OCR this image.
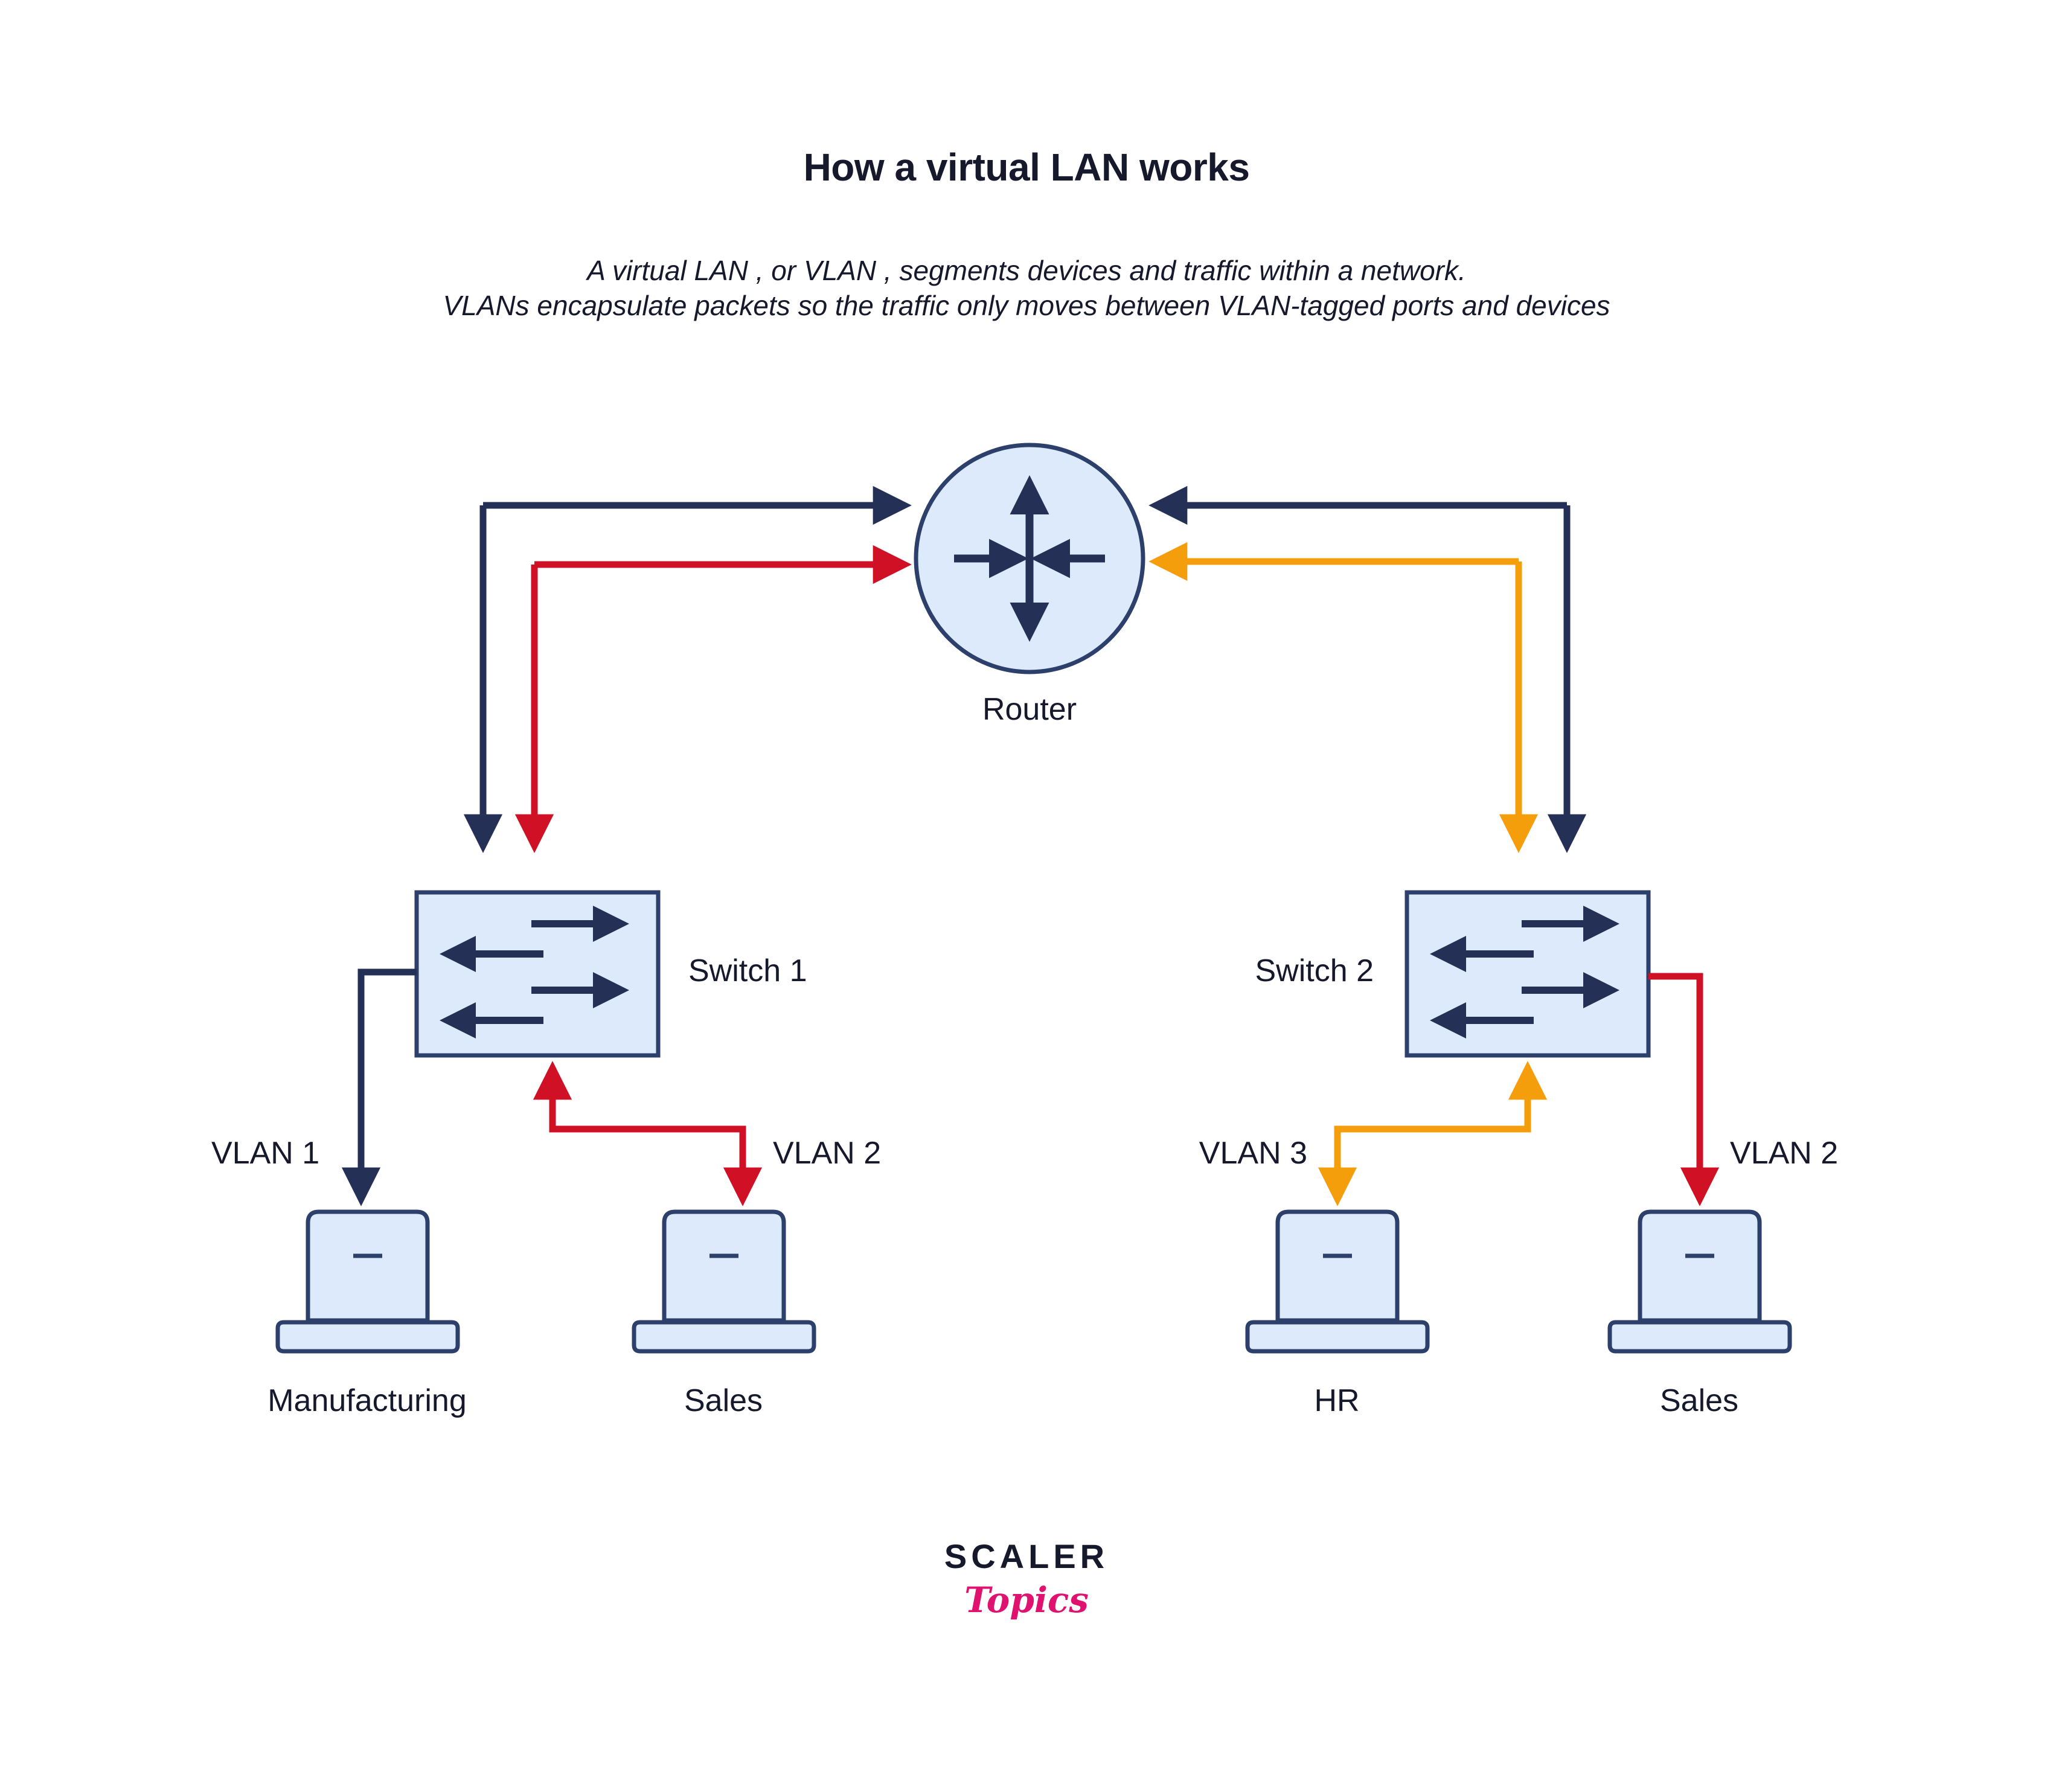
How a virtual LAN works
A virtual LAN , or VLAN , segments devices and traffic within a network.
VLANs encapsulate packets so the traffic only moves between VLAN-tagged ports and devices
Router
Switch 1	Switch 2
VLAN 1	VLAN 2	VLAN 3	VLAN 2
Manufacturing	Sales	HR	Sales
SCALER
Topics
